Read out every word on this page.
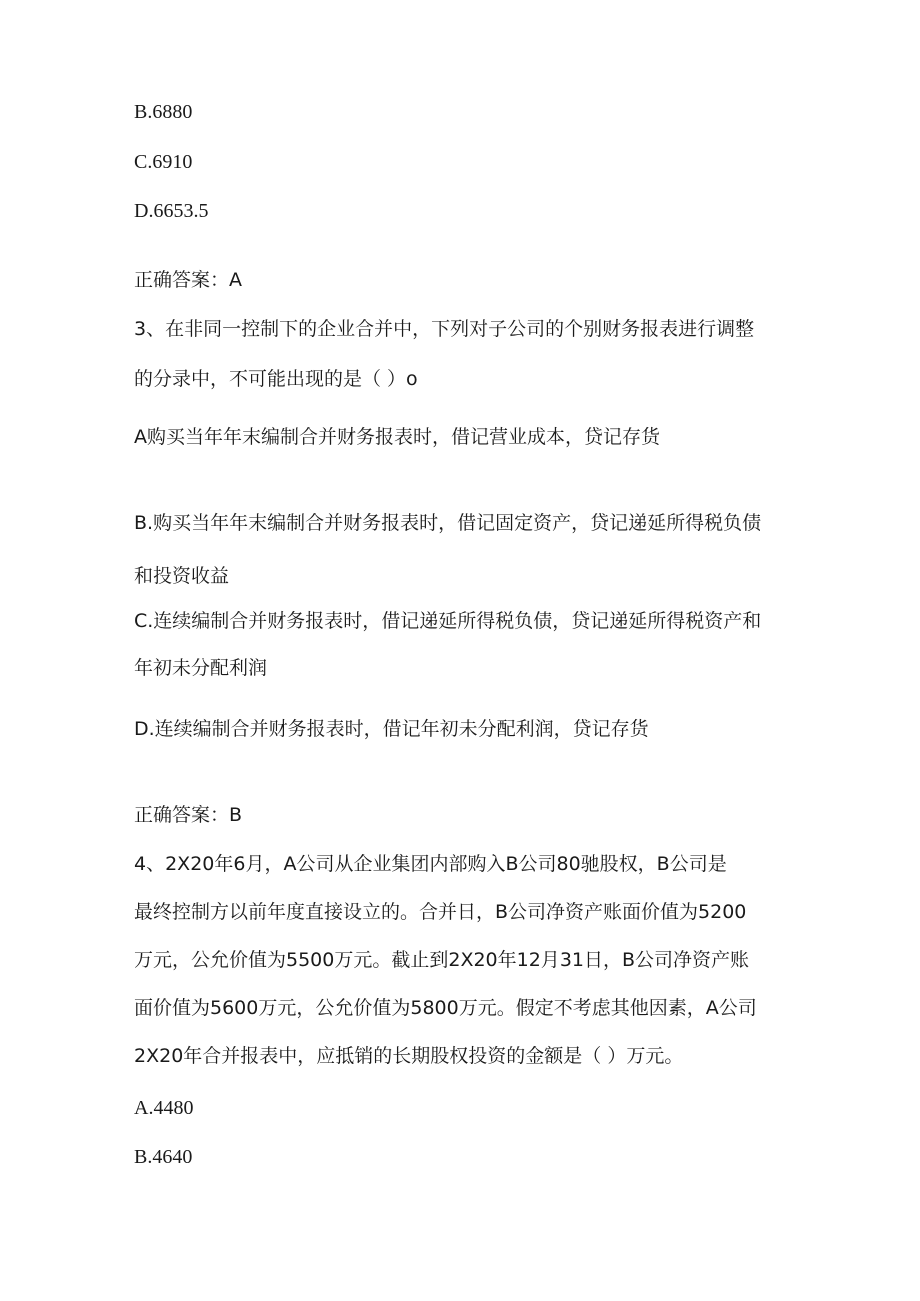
B.6880

C.6910

D.6653.5

正确答案：A

3、在非同一控制下的企业合并中，下列对子公司的个别财务报表进行调整

的分录中，不可能出现的是（ ）o

A购买当年年末编制合并财务报表时，借记营业成本，贷记存货

B.购买当年年末编制合并财务报表时，借记固定资产，贷记递延所得税负债

和投资收益

C.连续编制合并财务报表时，借记递延所得税负债，贷记递延所得税资产和

年初未分配利润

D.连续编制合并财务报表时，借记年初未分配利润，贷记存货

正确答案：B

4、2X20年6月，A公司从企业集团内部购入B公司80驰股权，B公司是

最终控制方以前年度直接设立的。合并日，B公司净资产账面价值为5200

万元，公允价值为5500万元。截止到2X20年12月31日，B公司净资产账

面价值为5600万元，公允价值为5800万元。假定不考虑其他因素，A公司

2X20年合并报表中，应抵销的长期股权投资的金额是（ ）万元。

A.4480

B.4640
